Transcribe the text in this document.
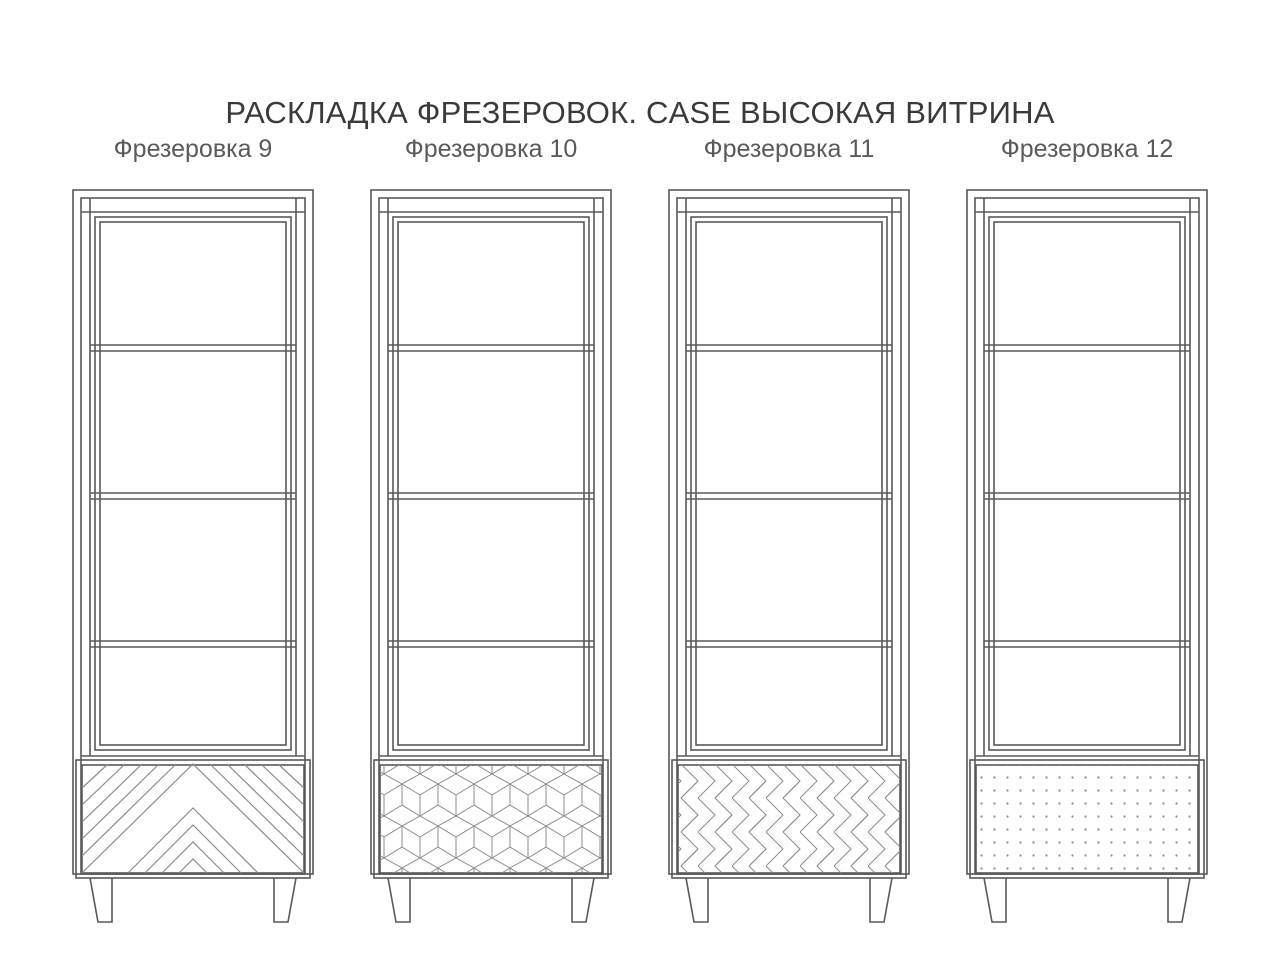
РАСКЛАДКА ФРЕЗЕРОВОК. CASE ВЫСОКАЯ ВИТРИНА
Фрезеровка 9	Фрезеровка 10	Фрезеровка 11	Фрезеровка 12
